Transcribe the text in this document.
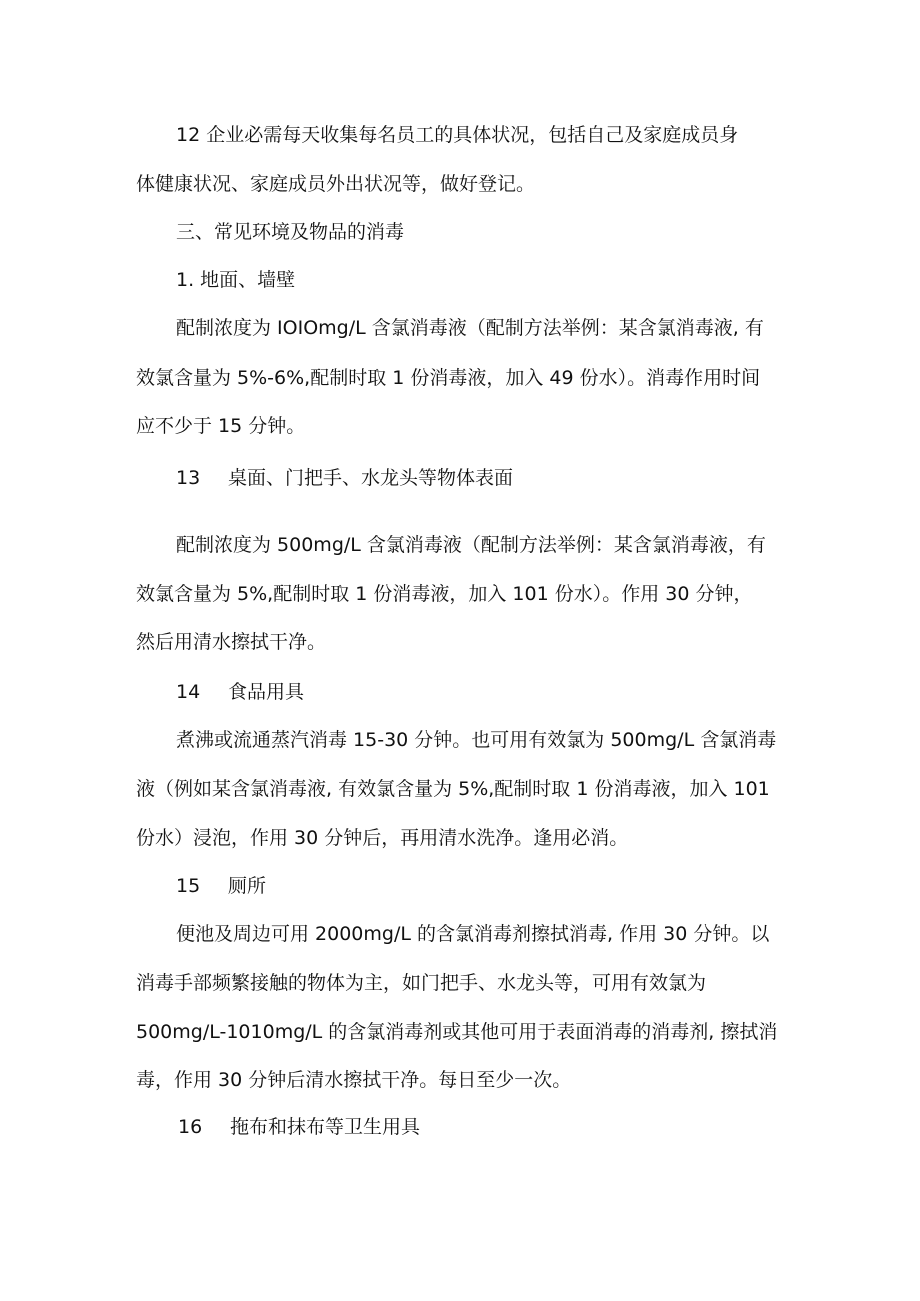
12 企业必需每天收集每名员工的具体状况，包括自己及家庭成员身
体健康状况、家庭成员外出状况等，做好登记。
三、常见环境及物品的消毒
1. 地面、墙壁
配制浓度为 IOIOmg/L 含氯消毒液（配制方法举例：某含氯消毒液, 有
效氯含量为 5%-6%,配制时取 1 份消毒液，加入 49 份水）。消毒作用时间
应不少于 15 分钟。
13 桌面、门把手、水龙头等物体表面
配制浓度为 500mg/L 含氯消毒液（配制方法举例：某含氯消毒液，有
效氯含量为 5%,配制时取 1 份消毒液，加入 101 份水）。作用 30 分钟，
然后用清水擦拭干净。
14 食品用具
煮沸或流通蒸汽消毒 15-30 分钟。也可用有效氯为 500mg/L 含氯消毒
液（例如某含氯消毒液, 有效氯含量为 5%,配制时取 1 份消毒液，加入 101
份水）浸泡，作用 30 分钟后，再用清水洗净。逢用必消。
15 厕所
便池及周边可用 2000mg/L 的含氯消毒剂擦拭消毒, 作用 30 分钟。以
消毒手部频繁接触的物体为主，如门把手、水龙头等，可用有效氯为
500mg/L-1010mg/L 的含氯消毒剂或其他可用于表面消毒的消毒剂, 擦拭消
毒，作用 30 分钟后清水擦拭干净。每日至少一次。
16 拖布和抹布等卫生用具
